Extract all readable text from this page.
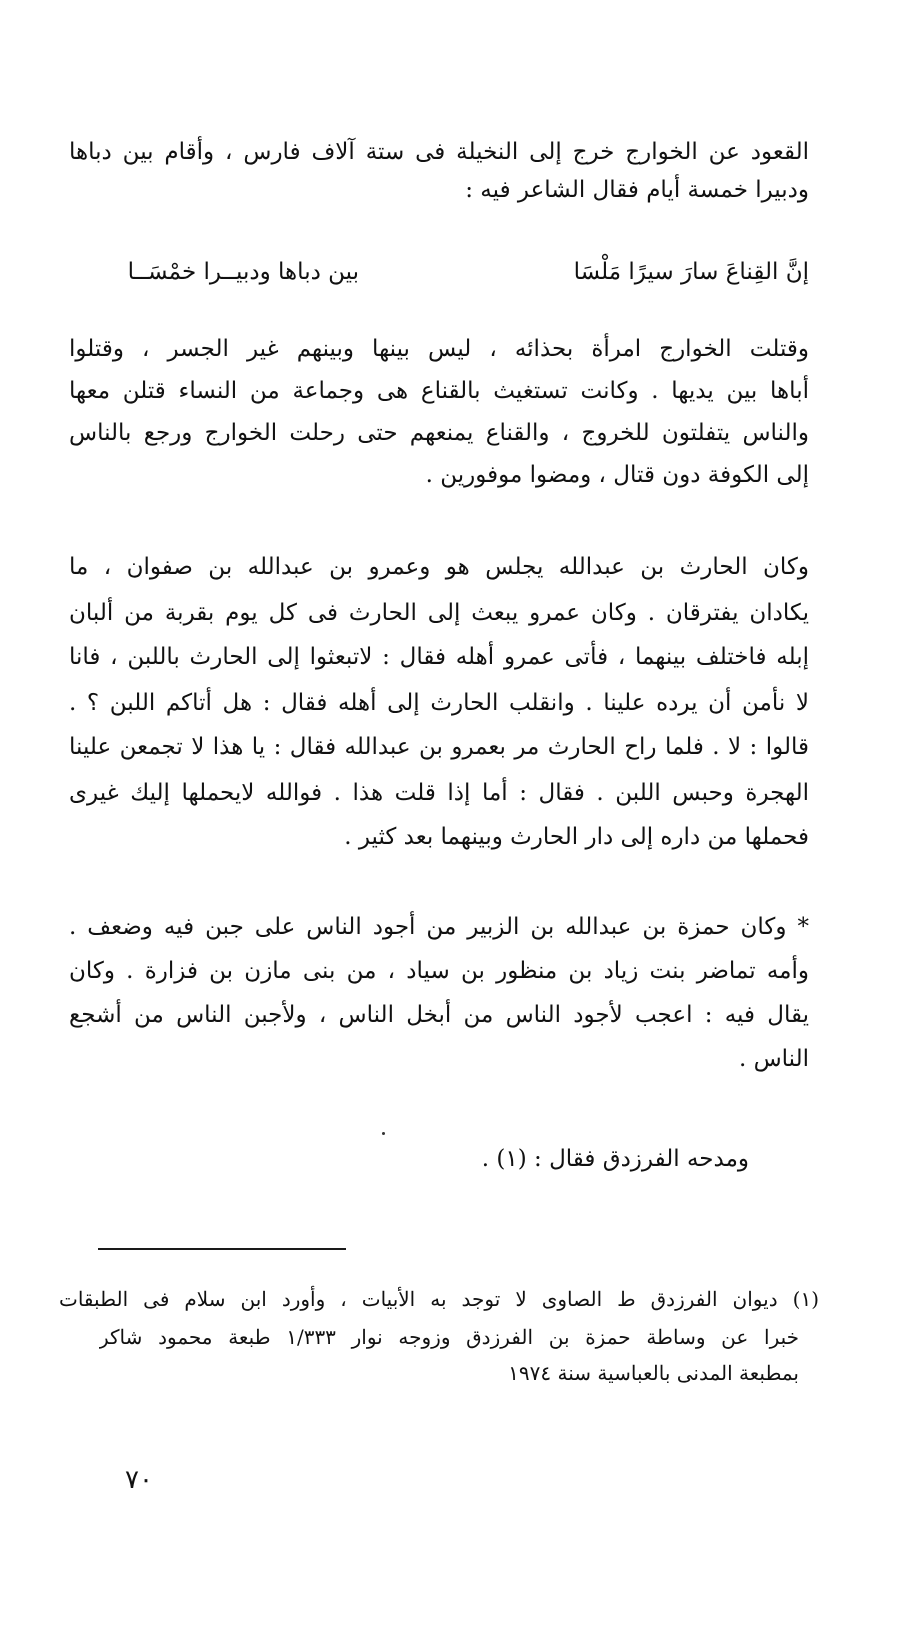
القعود عن الخوارج خرج إلى النخيلة فى ستة آلاف فارس ، وأقام بين دباها
ودبيرا خمسة أيام فقال الشاعر فيه :
إنَّ القِناعَ سارَ سيرًا مَلْسَا
بين دباها ودبيــرا خمْسَــا
وقتلت الخوارج امرأة بحذائه ، ليس بينها وبينهم غير الجسر ، وقتلوا
أباها بين يديها . وكانت تستغيث بالقناع هى وجماعة من النساء قتلن معها
والناس يتفلتون للخروج ، والقناع يمنعهم حتى رحلت الخوارج ورجع بالناس
إلى الكوفة دون قتال ، ومضوا موفورين .
وكان الحارث بن عبدالله يجلس هو وعمرو بن عبدالله بن صفوان ، ما
يكادان يفترقان . وكان عمرو يبعث إلى الحارث فى كل يوم بقربة من ألبان
إبله فاختلف بينهما ، فأتى عمرو أهله فقال : لاتبعثوا إلى الحارث باللبن ، فانا
لا نأمن أن يرده علينا . وانقلب الحارث إلى أهله فقال : هل أتاكم اللبن ؟ .
قالوا : لا . فلما راح الحارث مر بعمرو بن عبدالله فقال : يا هذا لا تجمعن علينا
الهجرة وحبس اللبن . فقال : أما إذا قلت هذا . فوالله لايحملها إليك غيرى
فحملها من داره إلى دار الحارث وبينهما بعد كثير .
* وكان حمزة بن عبدالله بن الزبير من أجود الناس على جبن فيه وضعف .
وأمه تماضر بنت زياد بن منظور بن سياد ، من بنى مازن بن فزارة . وكان
يقال فيه : اعجب لأجود الناس من أبخل الناس ، ولأجبن الناس من أشجع
الناس .
ومدحه الفرزدق فقال : (١) .
(١) ديوان الفرزدق ط الصاوى لا توجد به الأبيات ، وأورد ابن سلام فى الطبقات
خبرا عن وساطة حمزة بن الفرزدق وزوجه نوار ١/٣٣٣ طبعة محمود شاكر
بمطبعة المدنى بالعباسية سنة ١٩٧٤
٧٠
